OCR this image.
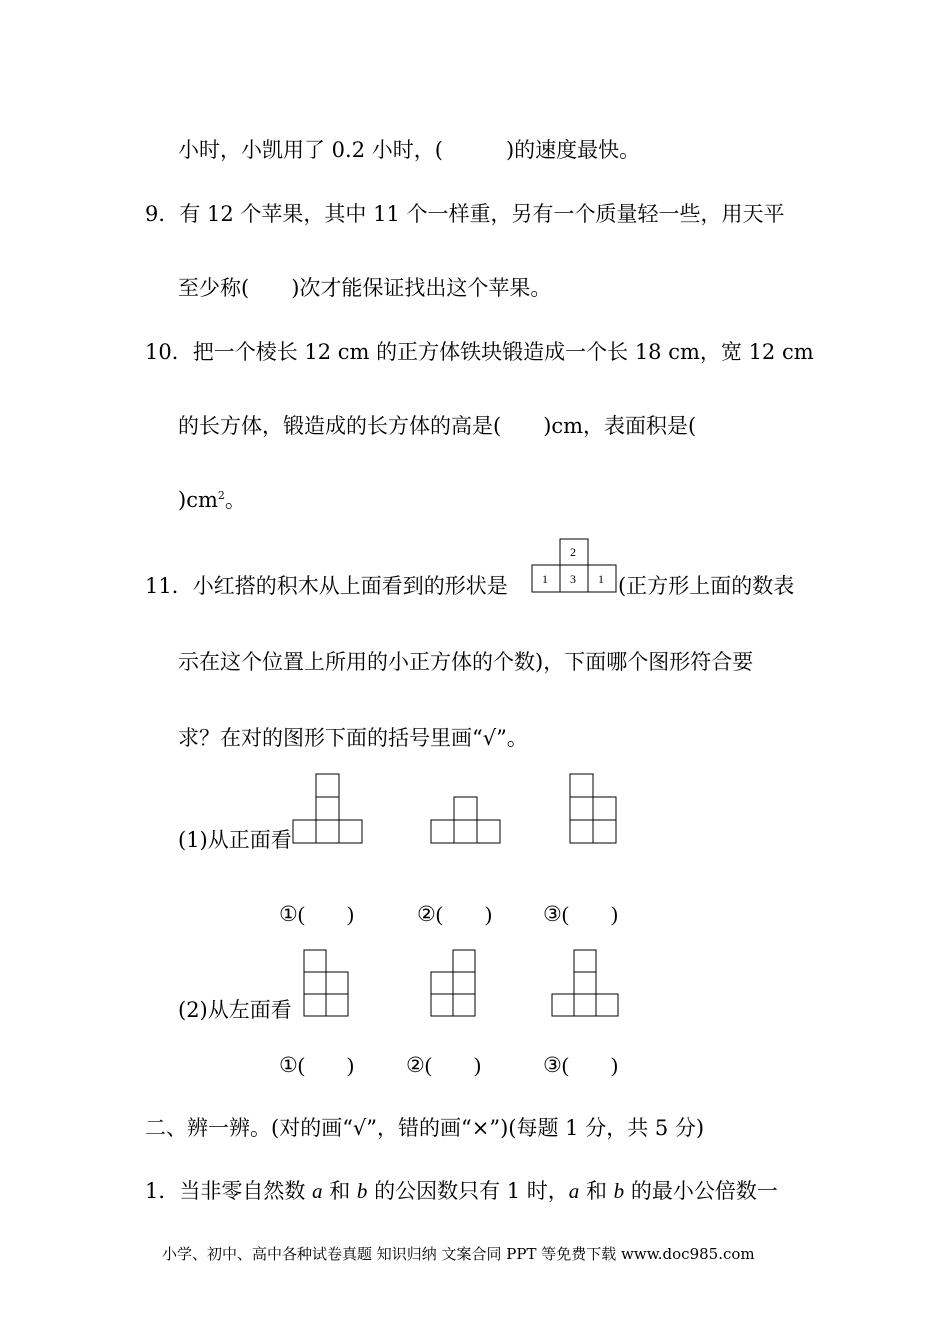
小时，小凯用了 0.2 小时，(　　　)的速度最快。
9．有 12 个苹果，其中 11 个一样重，另有一个质量轻一些，用天平
至少称(　　)次才能保证找出这个苹果。
10．把一个棱长 12 cm 的正方体铁块锻造成一个长 18 cm，宽 12 cm
的长方体，锻造成的长方体的高是(　　)cm，表面积是(
)$cm^2$。
11．小红搭的积木从上面看到的形状是
2
1 3 1 (正方形上面的数表
示在这个位置上所用的小正方体的个数)，下面哪个图形符合要
求？在对的图形下面的括号里画“√”。
(1)从正面看
①(　　)	②(　　) ③(　　)
(2)从左面看
①(　　) ②(　　)	③(　　)
二、辨一辨。(对的画“√”，错的画“×”)(每题 1 分，共 5 分)
1．当非零自然数 a 和 b 的公因数只有 1 时，a 和 b 的最小公倍数一
小学、初中、高中各种试卷真题 知识归纳 文案合同 PPT 等免费下载 www.doc985.com
